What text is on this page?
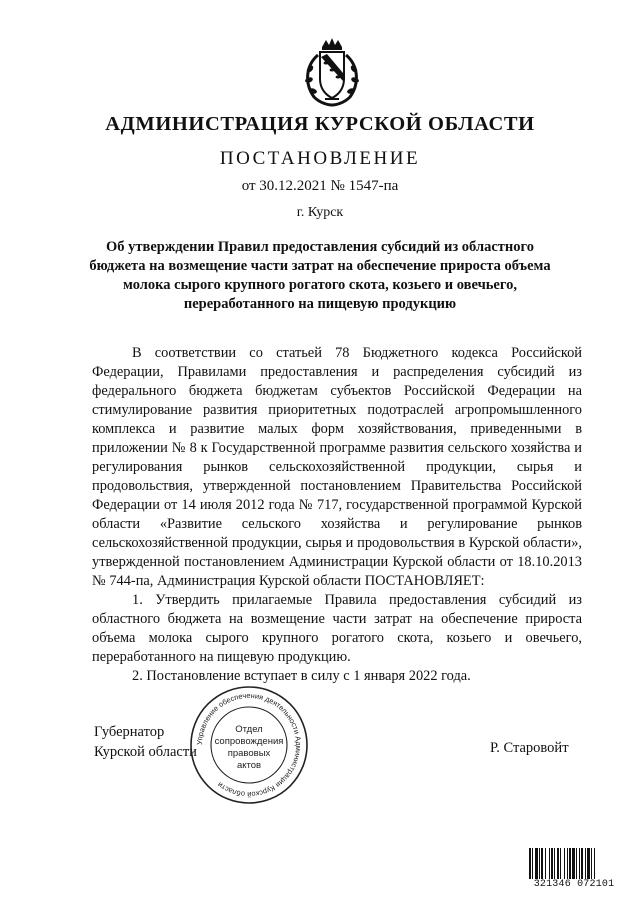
АДМИНИСТРАЦИЯ КУРСКОЙ ОБЛАСТИ
ПОСТАНОВЛЕНИЕ
от 30.12.2021 № 1547-па
г. Курск
Об утверждении Правил предоставления субсидий из областного бюджета на возмещение части затрат на обеспечение прироста объема молока сырого крупного рогатого скота, козьего и овечьего, переработанного на пищевую продукцию

В соответствии со статьей 78 Бюджетного кодекса Российской Федерации, Правилами предоставления и распределения субсидий из федерального бюджета бюджетам субъектов Российской Федерации на стимулирование развития приоритетных подотраслей агропромышленного комплекса и развитие малых форм хозяйствования, приведенными в приложении № 8 к Государственной программе развития сельского хозяйства и регулирования рынков сельскохозяйственной продукции, сырья и продовольствия, утвержденной постановлением Правительства Российской Федерации от 14 июля 2012 года № 717, государственной программой Курской области «Развитие сельского хозяйства и регулирование рынков сельскохозяйственной продукции, сырья и продовольствия в Курской области», утвержденной постановлением Администрации Курской области от 18.10.2013 № 744-па, Администрация Курской области ПОСТАНОВЛЯЕТ:

1. Утвердить прилагаемые Правила предоставления субсидий из областного бюджета на возмещение части затрат на обеспечение прироста объема молока сырого крупного рогатого скота, козьего и овечьего, переработанного на пищевую продукцию.

2. Постановление вступает в силу с 1 января 2022 года.

Губернатор
Курской области	Р. Старовойт
Управление обеспечения деятельности Администрации Курской области
Отдел
сопровождения
правовых
актов
321346 072101
